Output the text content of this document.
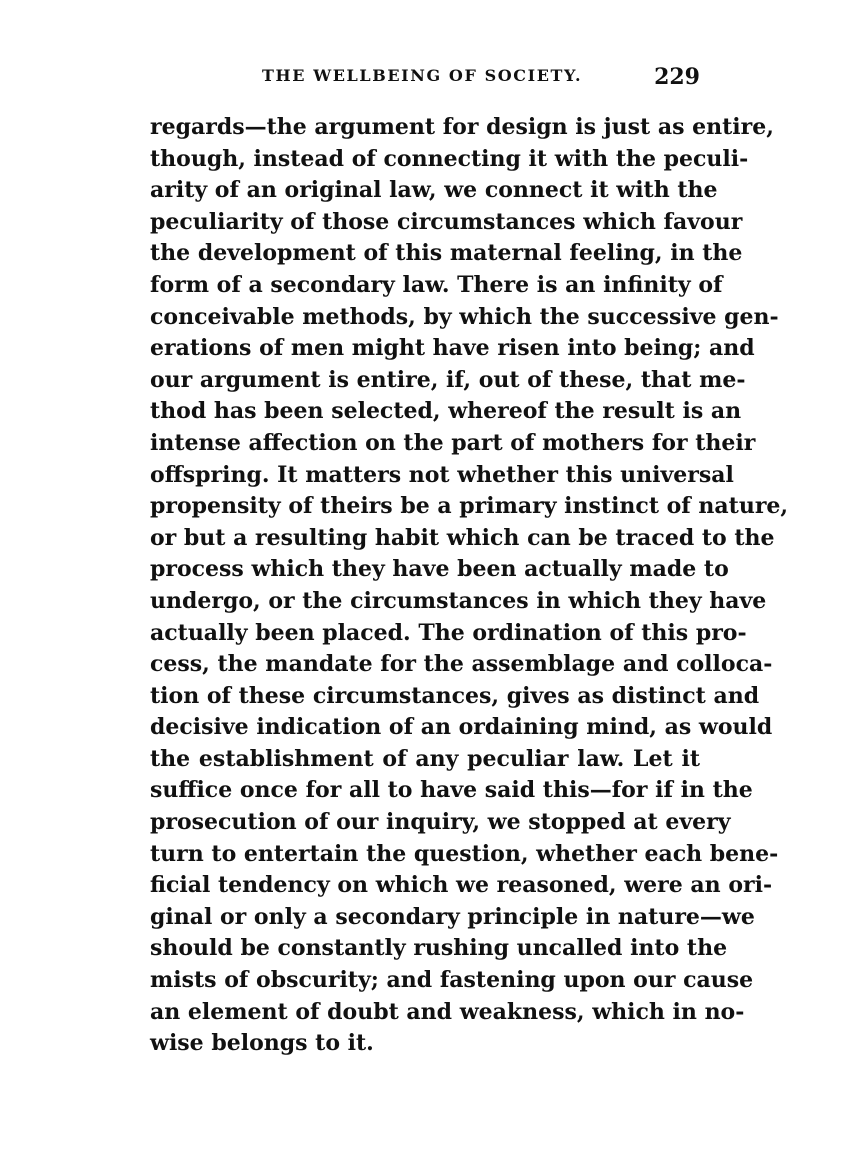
THE WELLBEING OF SOCIETY.	229
regards—the argument for design is just as entire,
though, instead of connecting it with the peculi-
arity of an original law, we connect it with the
peculiarity of those circumstances which favour
the development of this maternal feeling, in the
form of a secondary law. There is an infinity of
conceivable methods, by which the successive gen-
erations of men might have risen into being; and
our argument is entire, if, out of these, that me-
thod has been selected, whereof the result is an
intense affection on the part of mothers for their
offspring. It matters not whether this universal
propensity of theirs be a primary instinct of nature,
or but a resulting habit which can be traced to the
process which they have been actually made to
undergo, or the circumstances in which they have
actually been placed. The ordination of this pro-
cess, the mandate for the assemblage and colloca-
tion of these circumstances, gives as distinct and
decisive indication of an ordaining mind, as would
the establishment of any peculiar law. Let it
suffice once for all to have said this—for if in the
prosecution of our inquiry, we stopped at every
turn to entertain the question, whether each bene-
ficial tendency on which we reasoned, were an ori-
ginal or only a secondary principle in nature—we
should be constantly rushing uncalled into the
mists of obscurity; and fastening upon our cause
an element of doubt and weakness, which in no-
wise belongs to it.
